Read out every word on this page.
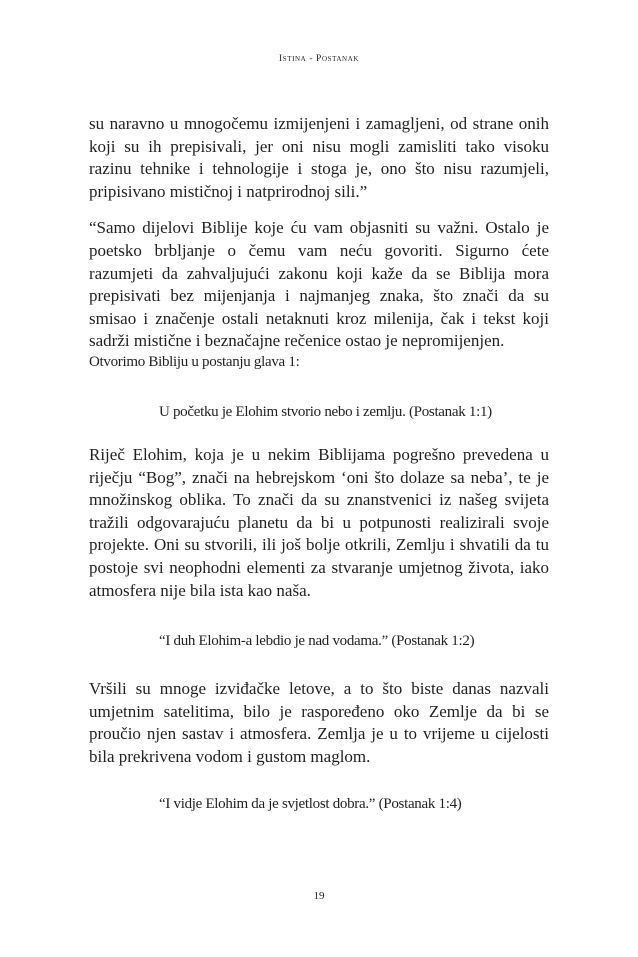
Istina - Postanak

su naravno u mnogočemu izmijenjeni i zamagljeni, od strane onih koji su ih prepisivali, jer oni nisu mogli zamisliti tako visoku razinu tehnike i tehnologije i stoga je, ono što nisu razumjeli, pripisivano mističnoj i natprirodnoj sili.”

“Samo dijelovi Biblije koje ću vam objasniti su važni. Ostalo je poetsko brbljanje o čemu vam neću govoriti. Sigurno ćete razumjeti da zahvaljujući zakonu koji kaže da se Biblija mora prepisivati bez mijenjanja i najmanjeg znaka, što znači da su smisao i značenje ostali netaknuti kroz milenija, čak i tekst koji sadrži mistične i beznačajne rečenice ostao je nepromijenjen.

Otvorimo Bibliju u postanju glava 1:

U početku je Elohim stvorio nebo i zemlju. (Postanak 1:1)

Riječ Elohim, koja je u nekim Biblijama pogrešno prevedena u riječju “Bog”, znači na hebrejskom ‘oni što dolaze sa neba’, te je množinskog oblika. To znači da su znanstvenici iz našeg svijeta tražili odgovarajuću planetu da bi u potpunosti realizirali svoje projekte. Oni su stvorili, ili još bolje otkrili, Zemlju i shvatili da tu postoje svi neophodni elementi za stvaranje umjetnog života, iako atmosfera nije bila ista kao naša.

“I duh Elohim-a lebdio je nad vodama.” (Postanak 1:2)

Vršili su mnoge izviđačke letove, a to što biste danas nazvali umjetnim satelitima, bilo je raspoređeno oko Zemlje da bi se proučio njen sastav i atmosfera. Zemlja je u to vrijeme u cijelosti bila prekrivena vodom i gustom maglom.

“I vidje Elohim da je svjetlost dobra.” (Postanak 1:4)

19
